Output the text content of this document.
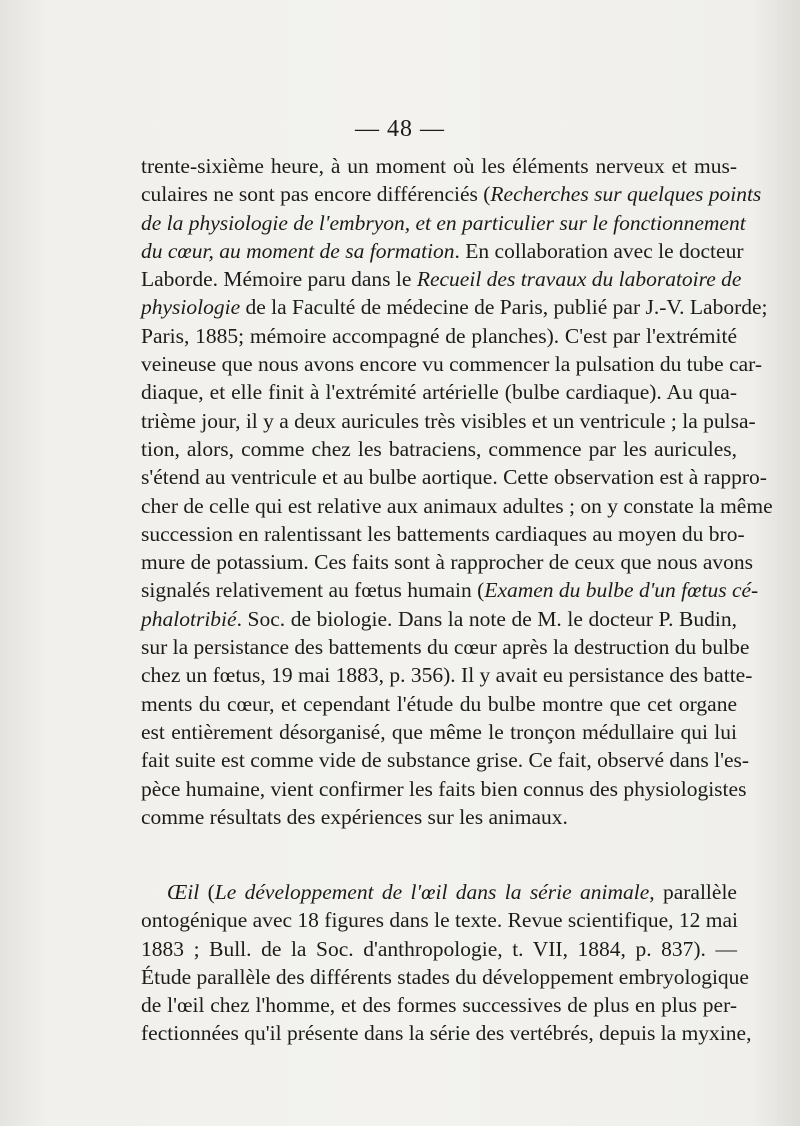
— 48 —
trente-sixième heure, à un moment où les éléments nerveux et mus-
culaires ne sont pas encore différenciés (Recherches sur quelques points
de la physiologie de l'embryon, et en particulier sur le fonctionnement
du cœur, au moment de sa formation. En collaboration avec le docteur
Laborde. Mémoire paru dans le Recueil des travaux du laboratoire de
physiologie de la Faculté de médecine de Paris, publié par J.-V. Laborde;
Paris, 1885; mémoire accompagné de planches). C'est par l'extrémité
veineuse que nous avons encore vu commencer la pulsation du tube car-
diaque, et elle finit à l'extrémité artérielle (bulbe cardiaque). Au qua-
trième jour, il y a deux auricules très visibles et un ventricule ; la pulsa-
tion, alors, comme chez les batraciens, commence par les auricules,
s'étend au ventricule et au bulbe aortique. Cette observation est à rappro-
cher de celle qui est relative aux animaux adultes ; on y constate la même
succession en ralentissant les battements cardiaques au moyen du bro-
mure de potassium. Ces faits sont à rapprocher de ceux que nous avons
signalés relativement au fœtus humain (Examen du bulbe d'un fœtus cé-
phalotribié. Soc. de biologie. Dans la note de M. le docteur P. Budin,
sur la persistance des battements du cœur après la destruction du bulbe
chez un fœtus, 19 mai 1883, p. 356). Il y avait eu persistance des batte-
ments du cœur, et cependant l'étude du bulbe montre que cet organe
est entièrement désorganisé, que même le tronçon médullaire qui lui
fait suite est comme vide de substance grise. Ce fait, observé dans l'es-
pèce humaine, vient confirmer les faits bien connus des physiologistes
comme résultats des expériences sur les animaux.
Œil (Le développement de l'œil dans la série animale, parallèle
ontogénique avec 18 figures dans le texte. Revue scientifique, 12 mai
1883 ; Bull. de la Soc. d'anthropologie, t. VII, 1884, p. 837). —
Étude parallèle des différents stades du développement embryologique
de l'œil chez l'homme, et des formes successives de plus en plus per-
fectionnées qu'il présente dans la série des vertébrés, depuis la myxine,
